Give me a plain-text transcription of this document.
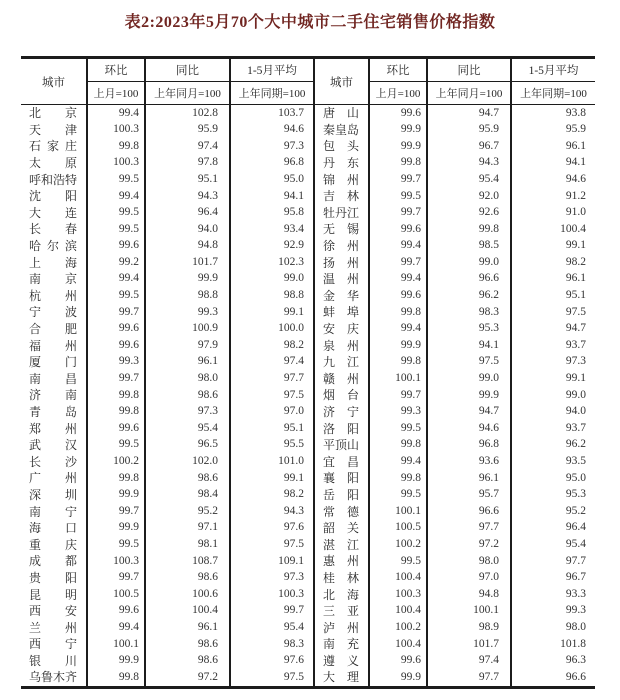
表2:2023年5月70个大中城市二手住宅销售价格指数
城市	环比	同比	1-5月平均	城市	环比	同比	1-5月平均
	上月=100	上年同月=100	上年同期=100		上月=100	上年同月=100	上年同期=100

北 京	99.4	102.8	103.7	唐 山	99.6	94.7	93.8

天 津	100.3	95.9	94.6	秦 皇 岛	99.9	95.9	95.9

石 家 庄	99.8	97.4	97.3	包 头	99.9	96.7	96.1

太 原	100.3	97.8	96.8	丹 东	99.8	94.3	94.1

呼 和 浩 特	99.5	95.1	95.0	锦 州	99.7	95.4	94.6

沈 阳	99.4	94.3	94.1	吉 林	99.5	92.0	91.2

大 连	99.5	96.4	95.8	牡 丹 江	99.7	92.6	91.0

长 春	99.5	94.0	93.4	无 锡	99.6	99.8	100.4

哈 尔 滨	99.6	94.8	92.9	徐 州	99.4	98.5	99.1

上 海	99.2	101.7	102.3	扬 州	99.7	99.0	98.2

南 京	99.4	99.9	99.0	温 州	99.4	96.6	96.1

杭 州	99.5	98.8	98.8	金 华	99.6	96.2	95.1

宁 波	99.7	99.3	99.1	蚌 埠	99.8	98.3	97.5

合 肥	99.6	100.9	100.0	安 庆	99.4	95.3	94.7

福 州	99.6	97.9	98.2	泉 州	99.9	94.1	93.7

厦 门	99.3	96.1	97.4	九 江	99.8	97.5	97.3

南 昌	99.7	98.0	97.7	赣 州	100.1	99.0	99.1

济 南	99.8	98.6	97.5	烟 台	99.7	99.9	99.0

青 岛	99.8	97.3	97.0	济 宁	99.3	94.7	94.0

郑 州	99.6	95.4	95.1	洛 阳	99.5	94.6	93.7

武 汉	99.5	96.5	95.5	平 顶 山	99.8	96.8	96.2

长 沙	100.2	102.0	101.0	宜 昌	99.4	93.6	93.5

广 州	99.8	98.6	99.1	襄 阳	99.8	96.1	95.0

深 圳	99.9	98.4	98.2	岳 阳	99.5	95.7	95.3

南 宁	99.7	95.2	94.3	常 德	100.1	96.6	95.2

海 口	99.9	97.1	97.6	韶 关	100.5	97.7	96.4

重 庆	99.5	98.1	97.5	湛 江	100.2	97.2	95.4

成 都	100.3	108.7	109.1	惠 州	99.5	98.0	97.7

贵 阳	99.7	98.6	97.3	桂 林	100.4	97.0	96.7

昆 明	100.5	100.6	100.3	北 海	100.3	94.8	93.3

西 安	99.6	100.4	99.7	三 亚	100.4	100.1	99.3

兰 州	99.4	96.1	95.4	泸 州	100.2	98.9	98.0

西 宁	100.1	98.6	98.3	南 充	100.4	101.7	101.8

银 川	99.9	98.6	97.6	遵 义	99.6	97.4	96.3

乌 鲁 木 齐	99.8	97.2	97.5	大 理	99.9	97.7	96.6
